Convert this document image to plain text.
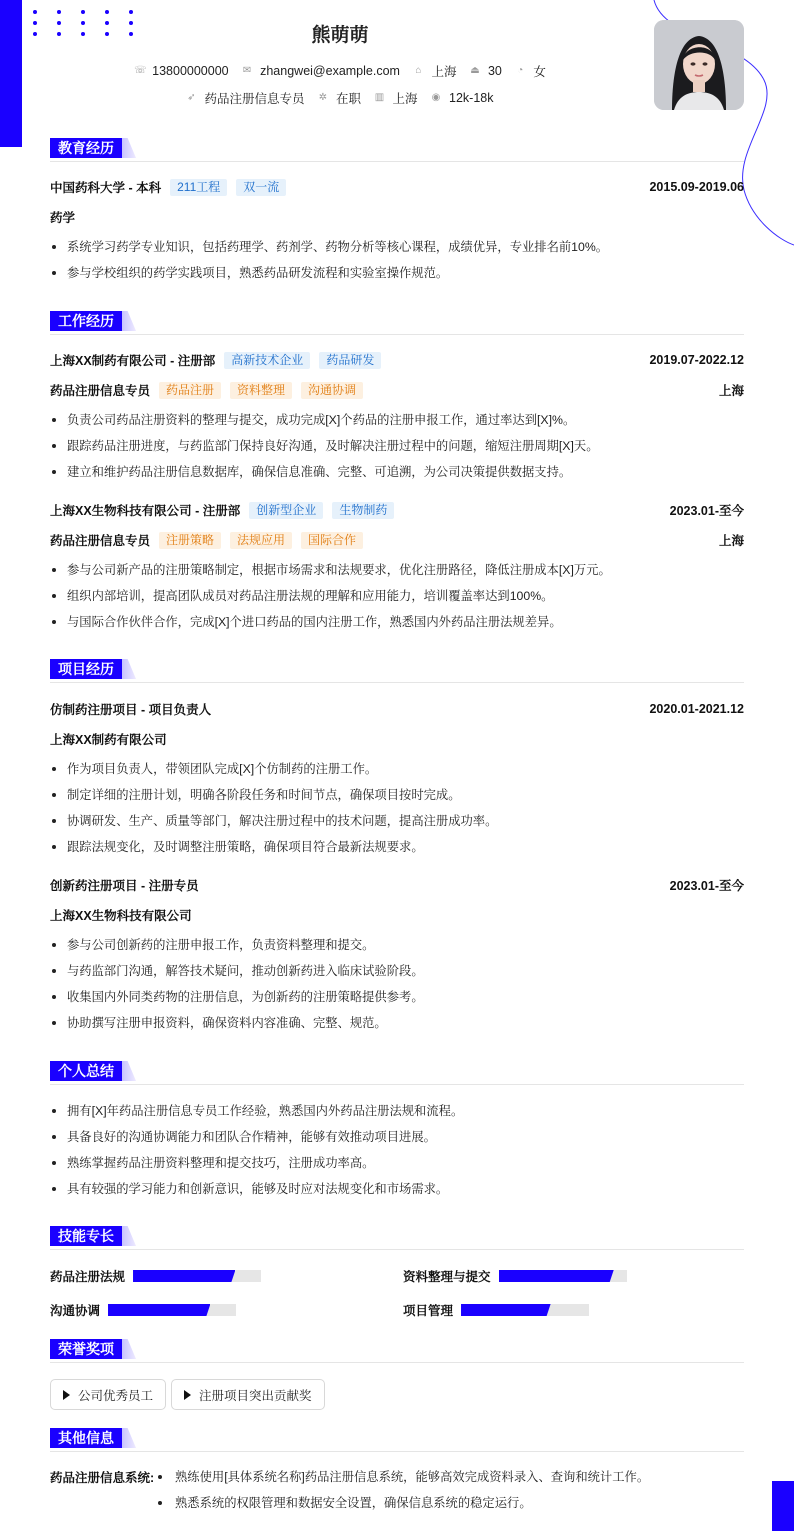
熊萌萌
☏ 13800000000
✉ zhangwei@example.com
⌂ 上海
⏏ 30
◔ 女
➶ 药品注册信息专员
✲ 在职
▥ 上海
◉ 12k-18k
教育经历
中国药科大学 - 本科	211工程	双一流	2015.09-2019.06
药学
系统学习药学专业知识，包括药理学、药剂学、药物分析等核心课程，成绩优异，专业排名前10%。
参与学校组织的药学实践项目，熟悉药品研发流程和实验室操作规范。
工作经历
上海XX制药有限公司 - 注册部	高新技术企业	药品研发	2019.07-2022.12
药品注册信息专员	药品注册	资料整理	沟通协调	上海
负责公司药品注册资料的整理与提交，成功完成[X]个药品的注册申报工作，通过率达到[X]%。
跟踪药品注册进度，与药监部门保持良好沟通，及时解决注册过程中的问题，缩短注册周期[X]天。
建立和维护药品注册信息数据库，确保信息准确、完整、可追溯，为公司决策提供数据支持。
上海XX生物科技有限公司 - 注册部	创新型企业	生物制药	2023.01-至今
药品注册信息专员	注册策略	法规应用	国际合作	上海
参与公司新产品的注册策略制定，根据市场需求和法规要求，优化注册路径，降低注册成本[X]万元。
组织内部培训，提高团队成员对药品注册法规的理解和应用能力，培训覆盖率达到100%。
与国际合作伙伴合作，完成[X]个进口药品的国内注册工作，熟悉国内外药品注册法规差异。
项目经历
仿制药注册项目 - 项目负责人	2020.01-2021.12
上海XX制药有限公司
作为项目负责人，带领团队完成[X]个仿制药的注册工作。
制定详细的注册计划，明确各阶段任务和时间节点，确保项目按时完成。
协调研发、生产、质量等部门，解决注册过程中的技术问题，提高注册成功率。
跟踪法规变化，及时调整注册策略，确保项目符合最新法规要求。
创新药注册项目 - 注册专员	2023.01-至今
上海XX生物科技有限公司
参与公司创新药的注册申报工作，负责资料整理和提交。
与药监部门沟通，解答技术疑问，推动创新药进入临床试验阶段。
收集国内外同类药物的注册信息，为创新药的注册策略提供参考。
协助撰写注册申报资料，确保资料内容准确、完整、规范。
个人总结
拥有[X]年药品注册信息专员工作经验，熟悉国内外药品注册法规和流程。
具备良好的沟通协调能力和团队合作精神，能够有效推动项目进展。
熟练掌握药品注册资料整理和提交技巧，注册成功率高。
具有较强的学习能力和创新意识，能够及时应对法规变化和市场需求。
技能专长
药品注册法规	资料整理与提交
沟通协调	项目管理
荣誉奖项
公司优秀员工	注册项目突出贡献奖
其他信息
药品注册信息系统:	熟练使用[具体系统名称]药品注册信息系统，能够高效完成资料录入、查询和统计工作。
熟悉系统的权限管理和数据安全设置，确保信息系统的稳定运行。
